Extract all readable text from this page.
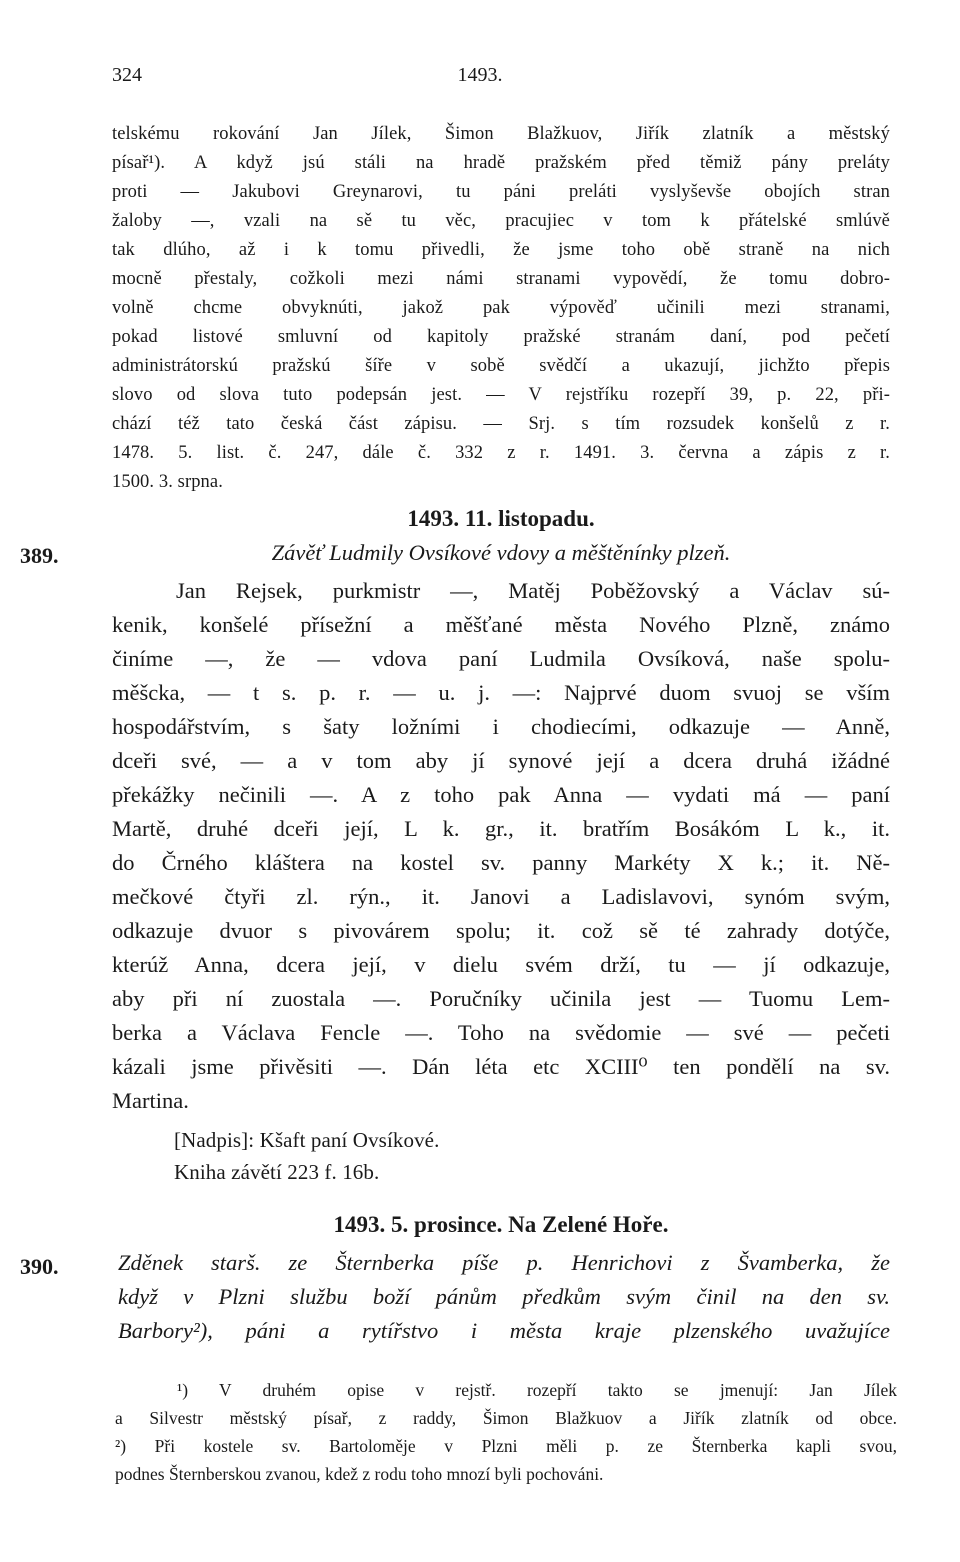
324	1493.
telskému rokování Jan Jílek, Šimon Blažkuov, Jiřík zlatník a městský
písař¹). A když jsú stáli na hradě pražském před těmiž pány preláty
proti — Jakubovi Greynarovi, tu páni preláti vyslyševše obojích stran
žaloby —, vzali na sě tu věc, pracujiec v tom k přátelské smlúvě
tak dlúho, až i k tomu přivedli, že jsme toho obě straně na nich
mocně přestaly, cožkoli mezi námi stranami vypovědí, že tomu dobro-
volně chcme obvyknúti, jakož pak výpověď učinili mezi stranami,
pokad listové smluvní od kapitoly pražské stranám daní, pod pečetí
administrátorskú pražskú šíře v sobě svědčí a ukazují, jichžto přepis
slovo od slova tuto podepsán jest. — V rejstříku rozepří 39, p. 22, při-
chází též tato česká část zápisu. — Srj. s tím rozsudek konšelů z r.
1478. 5. list. č. 247, dále č. 332 z r. 1491. 3. června a zápis z r.
1500. 3. srpna.
1493. 11. listopadu.
389.	Závěť Ludmily Ovsíkové vdovy a měštěnínky plzeň.
Jan Rejsek, purkmistr —, Matěj Poběžovský a Václav sú-
kenik, konšelé přísežní a měšťané města Nového Plzně, známo
činíme —, že — vdova paní Ludmila Ovsíková, naše spolu-
měšcka, — t s. p. r. — u. j. —: Najprvé duom svuoj se vším
hospodářstvím, s šaty ložními i chodiecími, odkazuje — Anně,
dceři své, — a v tom aby jí synové její a dcera druhá ižádné
překážky nečinili —. A z toho pak Anna — vydati má — paní
Martě, druhé dceři její, L k. gr., it. bratřím Bosákóm L k., it.
do Črného kláštera na kostel sv. panny Markéty X k.; it. Ně-
mečkové čtyři zl. rýn., it. Janovi a Ladislavovi, synóm svým,
odkazuje dvuor s pivovárem spolu; it. což sě té zahrady dotýče,
kterúž Anna, dcera její, v dielu svém drží, tu — jí odkazuje,
aby při ní zuostala —. Poručníky učinila jest — Tuomu Lem-
berka a Václava Fencle —. Toho na svědomie — své — pečeti
kázali jsme přivěsiti —. Dán léta etc XCIII⁰ ten pondělí na sv.
Martina.
[Nadpis]: Kšaft paní Ovsíkové.
Kniha závětí 223 f. 16b.
1493. 5. prosince. Na Zelené Hoře.
390.	Zděnek starš. ze Šternberka píše p. Henrichovi z Švamberka, že
když v Plzni službu boží pánům předkům svým činil na den sv.
Barbory²), páni a rytířstvo i města kraje plzenského uvažujíce
¹) V druhém opise v rejstř. rozepří takto se jmenují: Jan Jílek
a Silvestr městský písař, z raddy, Šimon Blažkuov a Jiřík zlatník od obce.
²) Při kostele sv. Bartoloměje v Plzni měli p. ze Šternberka kapli svou,
podnes Šternberskou zvanou, kdež z rodu toho mnozí byli pochováni.
